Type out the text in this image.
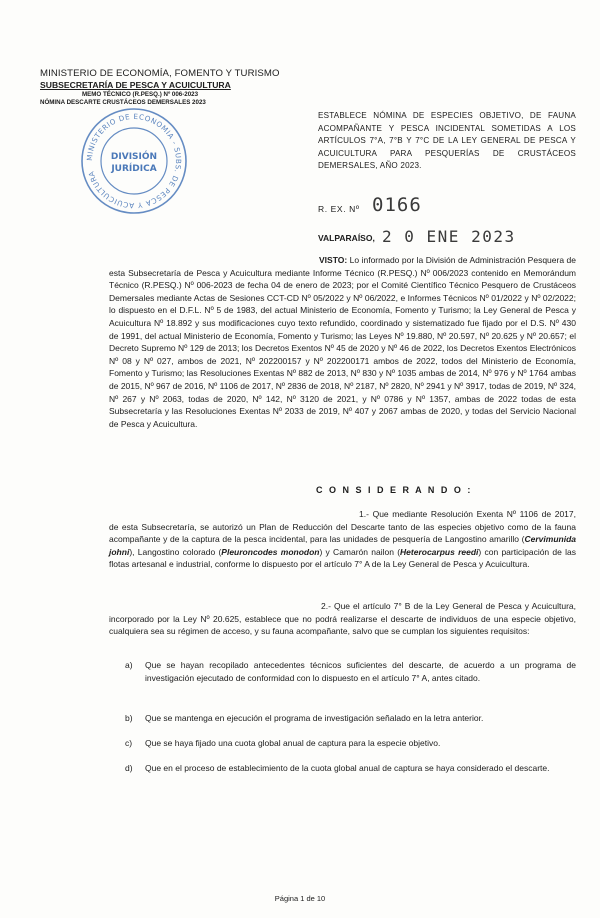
MINISTERIO DE ECONOMÍA, FOMENTO Y TURISMO
SUBSECRETARÍA DE PESCA Y ACUICULTURA
MEMO TÉCNICO (R.PESQ.) Nº 006-2023
NÓMINA DESCARTE CRUSTÁCEOS DEMERSALES 2023
MINISTERIO DE ECONOMIA - SUBS. DE PESCA Y ACUICULTURA
DIVISIÓN
JURÍDICA
ESTABLECE NÓMINA DE ESPECIES OBJETIVO, DE FAUNA ACOMPAÑANTE Y PESCA INCIDENTAL SOMETIDAS A LOS ARTÍCULOS 7°A, 7°B Y 7°C DE LA LEY GENERAL DE PESCA Y ACUICULTURA PARA PESQUERÍAS DE CRUSTÁCEOS DEMERSALES, AÑO 2023.
R. EX. Nº 0166
VALPARAÍSO, 2 0 ENE 2023
VISTO: Lo informado por la División de Administración Pesquera de esta Subsecretaría de Pesca y Acuicultura mediante Informe Técnico (R.PESQ.) Nº 006/2023 contenido en Memorándum Técnico (R.PESQ.) Nº 006-2023 de fecha 04 de enero de 2023; por el Comité Científico Técnico Pesquero de Crustáceos Demersales mediante Actas de Sesiones CCT-CD Nº 05/2022 y Nº 06/2022, e Informes Técnicos Nº 01/2022 y Nº 02/2022; lo dispuesto en el D.F.L. Nº 5 de 1983, del actual Ministerio de Economía, Fomento y Turismo; la Ley General de Pesca y Acuicultura Nº 18.892 y sus modificaciones cuyo texto refundido, coordinado y sistematizado fue fijado por el D.S. Nº 430 de 1991, del actual Ministerio de Economía, Fomento y Turismo; las Leyes Nº 19.880, Nº 20.597, Nº 20.625 y Nº 20.657; el Decreto Supremo Nº 129 de 2013; los Decretos Exentos Nº 45 de 2020 y Nº 46 de 2022, los Decretos Exentos Electrónicos Nº 08 y Nº 027, ambos de 2021, Nº 202200157 y Nº 202200171 ambos de 2022, todos del Ministerio de Economía, Fomento y Turismo; las Resoluciones Exentas Nº 882 de 2013, Nº 830 y Nº 1035 ambas de 2014, Nº 976 y Nº 1764 ambas de 2015, Nº 967 de 2016, Nº 1106 de 2017, Nº 2836 de 2018, Nº 2187, Nº 2820, Nº 2941 y Nº 3917, todas de 2019, Nº 324, Nº 267 y Nº 2063, todas de 2020, Nº 142, Nº 3120 de 2021, y Nº 0786 y Nº 1357, ambas de 2022 todas de esta Subsecretaría y las Resoluciones Exentas Nº 2033 de 2019, Nº 407 y 2067 ambas de 2020, y todas del Servicio Nacional de Pesca y Acuicultura.
C O N S I D E R A N D O :
1.- Que mediante Resolución Exenta Nº 1106 de 2017, de esta Subsecretaría, se autorizó un Plan de Reducción del Descarte tanto de las especies objetivo como de la fauna acompañante y de la captura de la pesca incidental, para las unidades de pesquería de Langostino amarillo (Cervimunida johni), Langostino colorado (Pleuroncodes monodon) y Camarón nailon (Heterocarpus reedi) con participación de las flotas artesanal e industrial, conforme lo dispuesto por el artículo 7° A de la Ley General de Pesca y Acuicultura.
2.- Que el artículo 7° B de la Ley General de Pesca y Acuicultura, incorporado por la Ley Nº 20.625, establece que no podrá realizarse el descarte de individuos de una especie objetivo, cualquiera sea su régimen de acceso, y su fauna acompañante, salvo que se cumplan los siguientes requisitos:
a) Que se hayan recopilado antecedentes técnicos suficientes del descarte, de acuerdo a un programa de investigación ejecutado de conformidad con lo dispuesto en el artículo 7° A, antes citado.
b) Que se mantenga en ejecución el programa de investigación señalado en la letra anterior.
c) Que se haya fijado una cuota global anual de captura para la especie objetivo.
d) Que en el proceso de establecimiento de la cuota global anual de captura se haya considerado el descarte.
Página 1 de 10
